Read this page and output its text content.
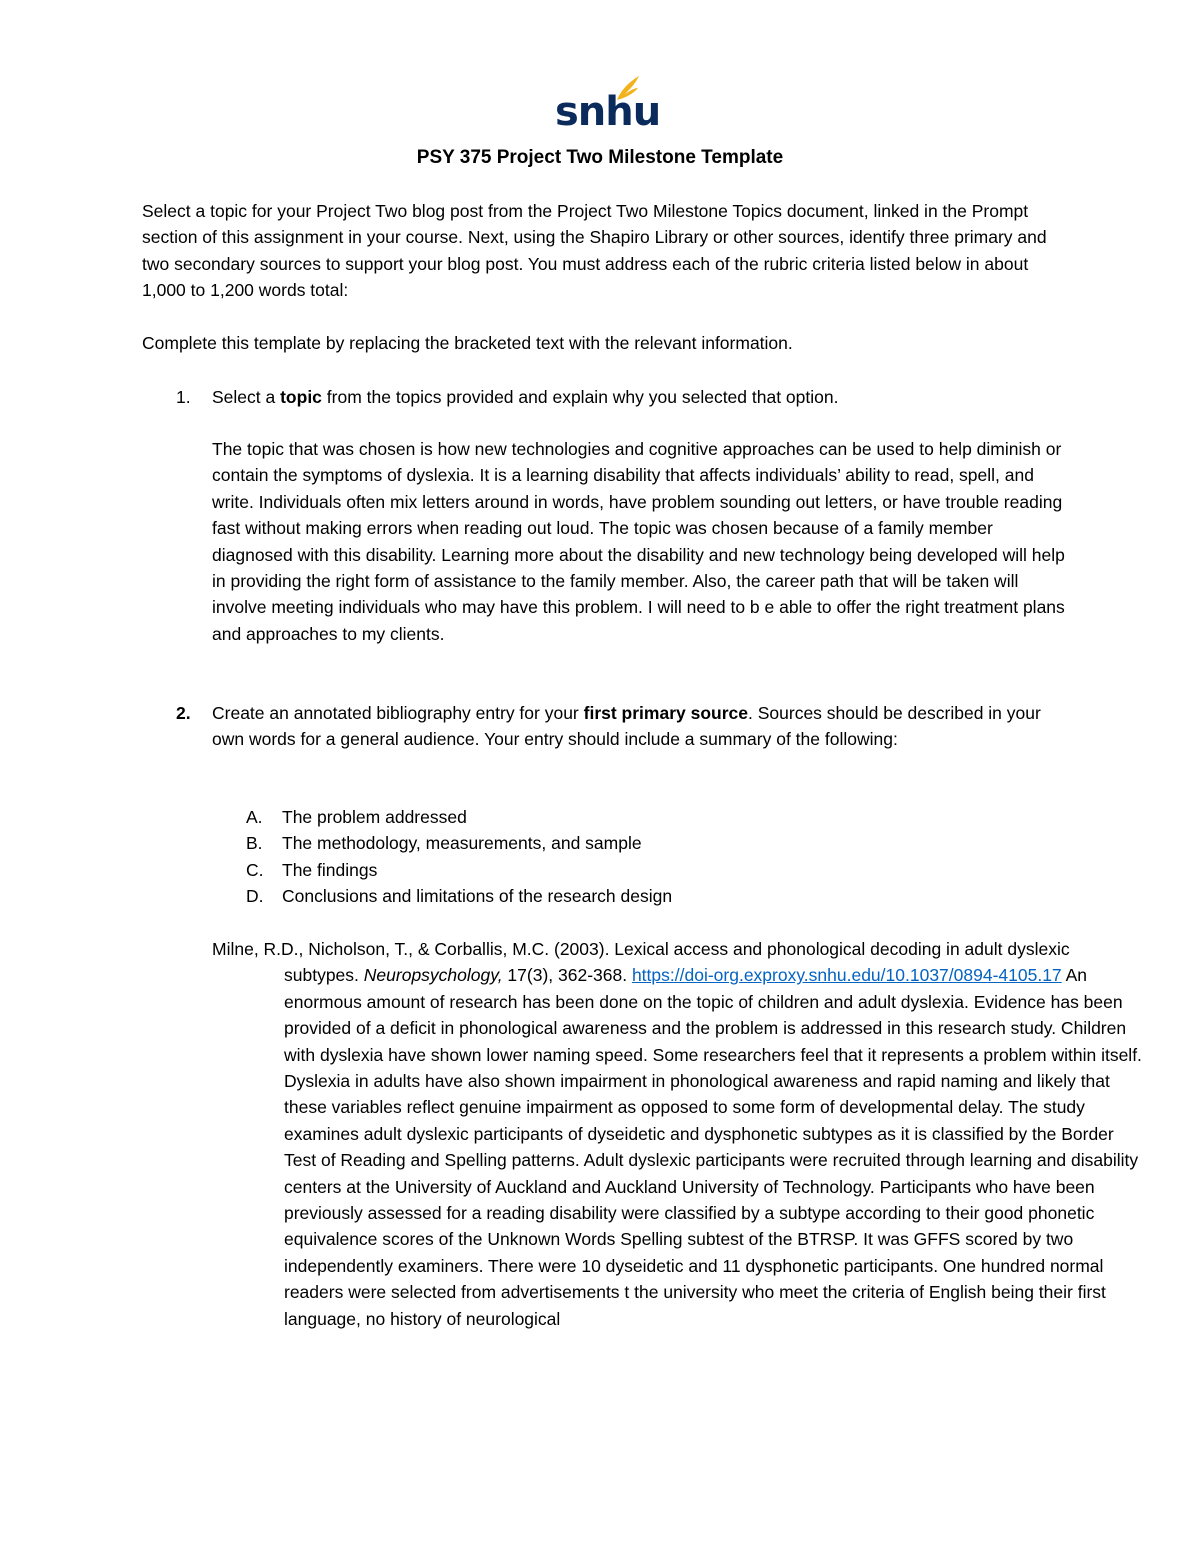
snhu
PSY 375 Project Two Milestone Template
Select a topic for your Project Two blog post from the Project Two Milestone Topics document, linked in the Prompt section of this assignment in your course. Next, using the Shapiro Library or other sources, identify three primary and two secondary sources to support your blog post. You must address each of the rubric criteria listed below in about 1,000 to 1,200 words total:
Complete this template by replacing the bracketed text with the relevant information.
1. Select a topic from the topics provided and explain why you selected that option.
The topic that was chosen is how new technologies and cognitive approaches can be used to help diminish or contain the symptoms of dyslexia. It is a learning disability that affects individuals’ ability to read, spell, and write. Individuals often mix letters around in words, have problem sounding out letters, or have trouble reading fast without making errors when reading out loud. The topic was chosen because of a family member diagnosed with this disability. Learning more about the disability and new technology being developed will help in providing the right form of assistance to the family member. Also, the career path that will be taken will involve meeting individuals who may have this problem. I will need to b e able to offer the right treatment plans and approaches to my clients.
2. Create an annotated bibliography entry for your first primary source. Sources should be described in your own words for a general audience. Your entry should include a summary of the following:
A.	The problem addressed
B.	The methodology, measurements, and sample
C.	The findings
D.	Conclusions and limitations of the research design
Milne, R.D., Nicholson, T., & Corballis, M.C. (2003). Lexical access and phonological decoding in adult dyslexic subtypes. Neuropsychology, 17(3), 362-368. https://doi-org.exproxy.snhu.edu/10.1037/0894-4105.17 An enormous amount of research has been done on the topic of children and adult dyslexia. Evidence has been provided of a deficit in phonological awareness and the problem is addressed in this research study. Children with dyslexia have shown lower naming speed. Some researchers feel that it represents a problem within itself. Dyslexia in adults have also shown impairment in phonological awareness and rapid naming and likely that these variables reflect genuine impairment as opposed to some form of developmental delay. The study examines adult dyslexic participants of dyseidetic and dysphonetic subtypes as it is classified by the Border Test of Reading and Spelling patterns. Adult dyslexic participants were recruited through learning and disability centers at the University of Auckland and Auckland University of Technology. Participants who have been previously assessed for a reading disability were classified by a subtype according to their good phonetic equivalence scores of the Unknown Words Spelling subtest of the BTRSP. It was GFFS scored by two independently examiners. There were 10 dyseidetic and 11 dysphonetic participants. One hundred normal readers were selected from advertisements t the university who meet the criteria of English being their first language, no history of neurological
